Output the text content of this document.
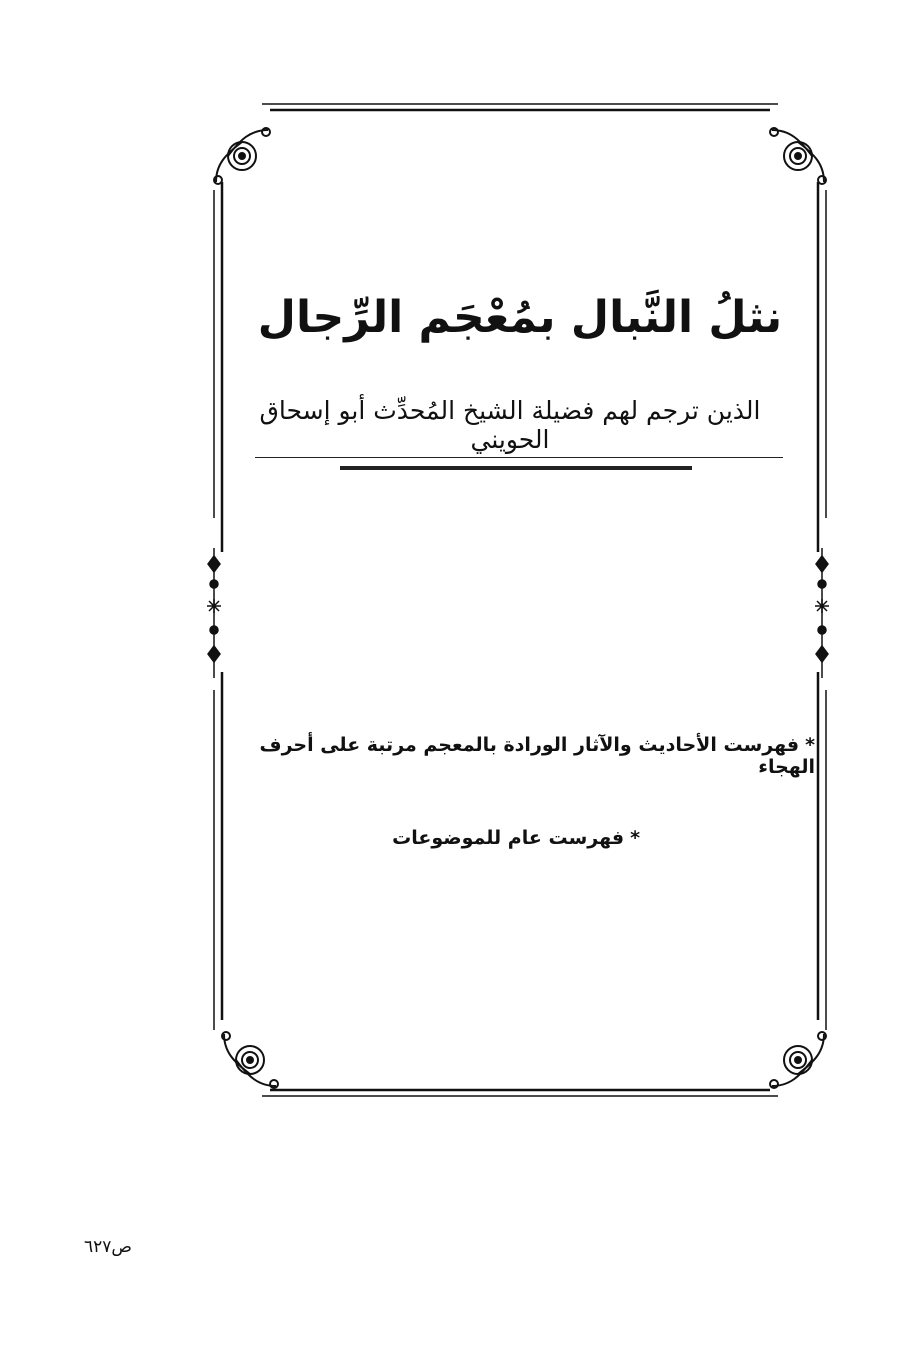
نثلُ النَّبال بمُعْجَم الرِّجال
الذين ترجم لهم فضيلة الشيخ المُحدِّث أبو إسحاق الحويني
*فهرست الأحاديث والآثار الورادة بالمعجم مرتبة على أحرف الهجاء
*فهرست عام للموضوعات
ص٦٢٧
